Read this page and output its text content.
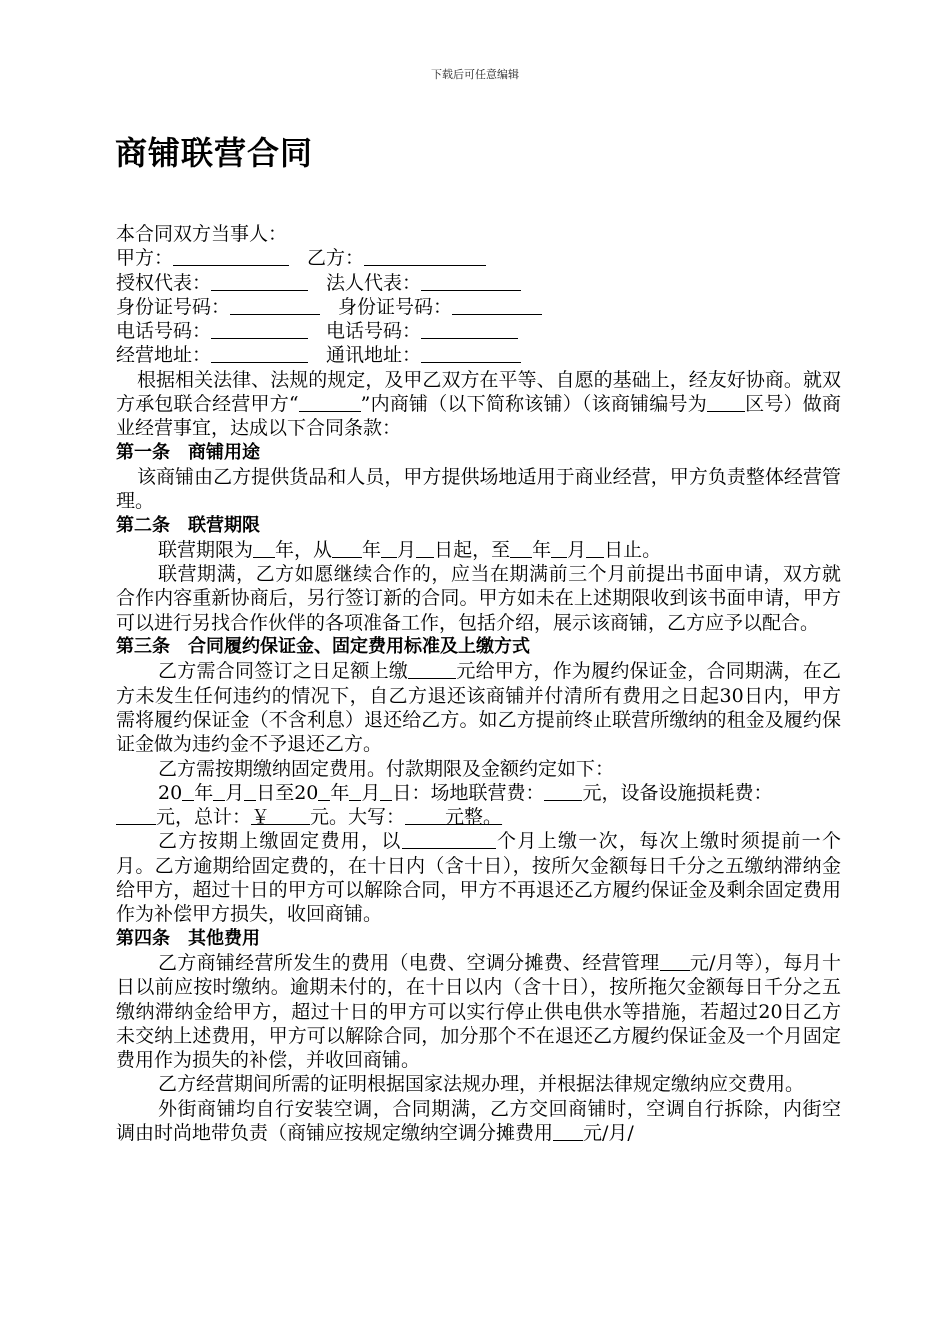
下载后可任意编辑
商铺联营合同
本合同双方当事人：
甲方：	乙方：
授权代表：	法人代表：
身份证号码：	身份证号码：
电话号码：	电话号码：
经营地址：	通讯地址：
根据相关法律、法规的规定，及甲乙双方在平等、自愿的基础上，经友好协商。就双方承包联合经营甲方“	”内商铺（以下简称该铺）（该商铺编号为 区号）做商业经营事宜，达成以下合同条款：
第一条　商铺用途
该商铺由乙方提供货品和人员，甲方提供场地适用于商业经营，甲方负责整体经营管理。
第二条　联营期限
联营期限为 年，从 年 月 日起，至 年 月 日止。
联营期满，乙方如愿继续合作的，应当在期满前三个月前提出书面申请，双方就合作内容重新协商后，另行签订新的合同。甲方如未在上述期限收到该书面申请，甲方可以进行另找合作伙伴的各项准备工作，包括介绍，展示该商铺，乙方应予以配合。
第三条　合同履约保证金、固定费用标准及上缴方式
乙方需合同签订之日足额上缴	元给甲方，作为履约保证金，合同期满，在乙方未发生任何违约的情况下，自乙方退还该商铺并付清所有费用之日起30日内，甲方需将履约保证金（不含利息）退还给乙方。如乙方提前终止联营所缴纳的租金及履约保证金做为违约金不予退还乙方。
乙方需按期缴纳固定费用。付款期限及金额约定如下：
20 年 月 日至20 年 月 日：场地联营费： 元，设备设施损耗费：
元，总计：￥ 元。大写： 元整。
乙方按期上缴固定费用，以	个月上缴一次，每次上缴时须提前一个月。乙方逾期给固定费的，在十日内（含十日），按所欠金额每日千分之五缴纳滞纳金给甲方，超过十日的甲方可以解除合同，甲方不再退还乙方履约保证金及剩余固定费用作为补偿甲方损失，收回商铺。
第四条　其他费用
乙方商铺经营所发生的费用（电费、空调分摊费、经营管理 元/月等），每月十日以前应按时缴纳。逾期未付的，在十日以内（含十日），按所拖欠金额每日千分之五缴纳滞纳金给甲方，超过十日的甲方可以实行停止供电供水等措施，若超过20日乙方未交纳上述费用，甲方可以解除合同，加分那个不在退还乙方履约保证金及一个月固定费用作为损失的补偿，并收回商铺。
乙方经营期间所需的证明根据国家法规办理，并根据法律规定缴纳应交费用。
外街商铺均自行安装空调，合同期满，乙方交回商铺时，空调自行拆除，内街空调由时尚地带负责（商铺应按规定缴纳空调分摊费用 元/月/
